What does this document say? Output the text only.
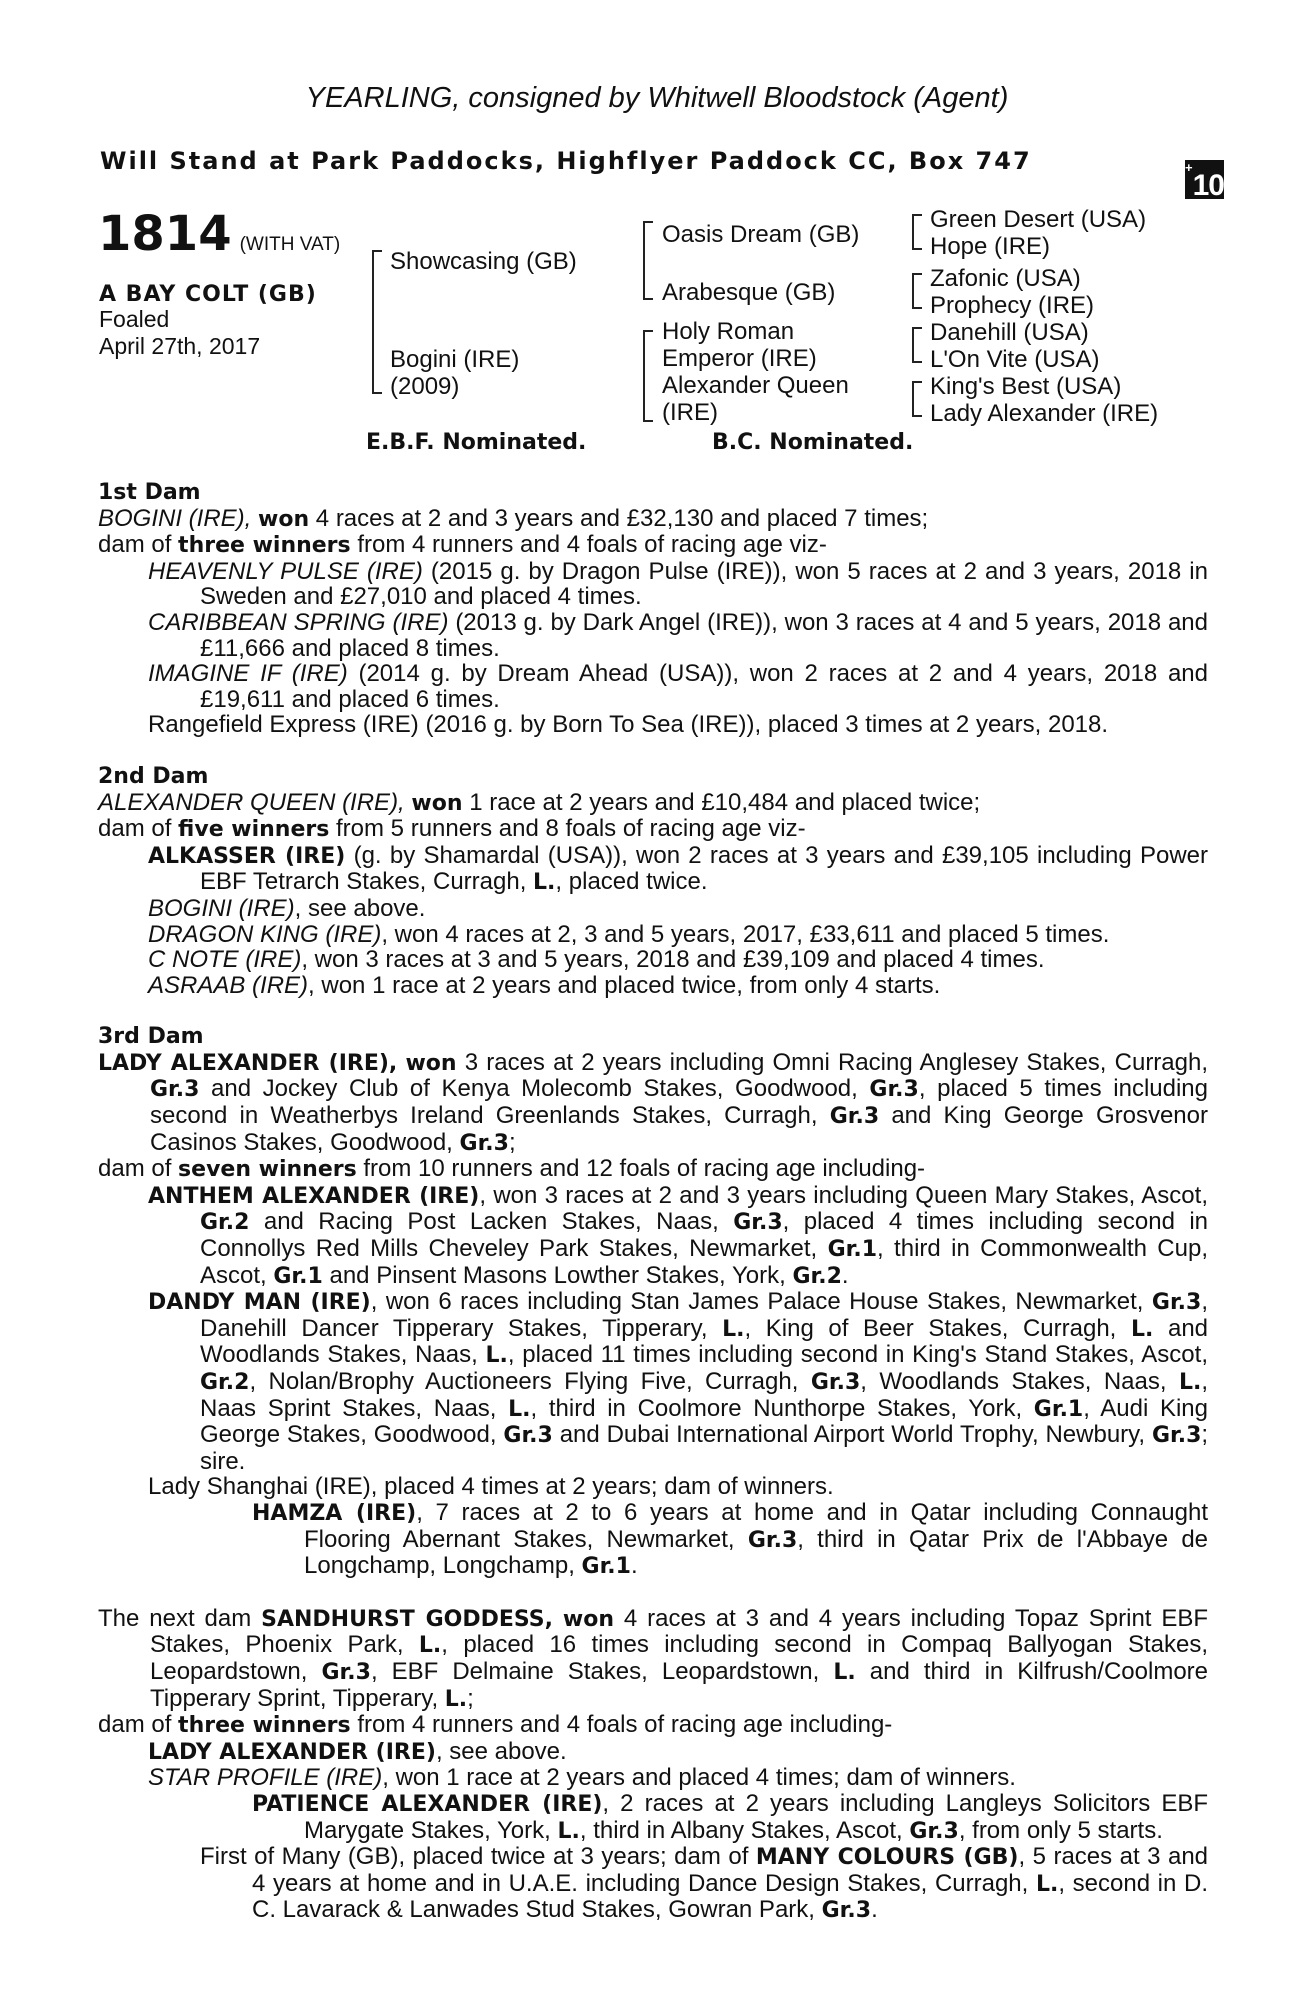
YEARLING, consigned by Whitwell Bloodstock (Agent)
Will Stand at Park Paddocks, Highflyer Paddock CC, Box 747	+10
1814 (WITH VAT)
A BAY COLT (GB)
Foaled
April 27th, 2017
Showcasing (GB)
Bogini (IRE)
(2009)
Oasis Dream (GB)
Arabesque (GB)
Holy Roman
Emperor (IRE)
Alexander Queen
(IRE)
Green Desert (USA)
Hope (IRE)
Zafonic (USA)
Prophecy (IRE)
Danehill (USA)
L'On Vite (USA)
King's Best (USA)
Lady Alexander (IRE)
E.B.F. Nominated.	B.C. Nominated.

1st Dam

BOGINI (IRE), won 4 races at 2 and 3 years and £32,130 and placed 7 times;

dam of three winners from 4 runners and 4 foals of racing age viz-

HEAVENLY PULSE (IRE) (2015 g. by Dragon Pulse (IRE)), won 5 races at 2 and 3 years, 2018 in Sweden and £27,010 and placed 4 times.

CARIBBEAN SPRING (IRE) (2013 g. by Dark Angel (IRE)), won 3 races at 4 and 5 years, 2018 and £11,666 and placed 8 times.

IMAGINE IF (IRE) (2014 g. by Dream Ahead (USA)), won 2 races at 2 and 4 years, 2018 and £19,611 and placed 6 times.

Rangefield Express (IRE) (2016 g. by Born To Sea (IRE)), placed 3 times at 2 years, 2018.

2nd Dam

ALEXANDER QUEEN (IRE), won 1 race at 2 years and £10,484 and placed twice;

dam of five winners from 5 runners and 8 foals of racing age viz-

ALKASSER (IRE) (g. by Shamardal (USA)), won 2 races at 3 years and £39,105 including Power EBF Tetrarch Stakes, Curragh, L., placed twice.

BOGINI (IRE), see above.

DRAGON KING (IRE), won 4 races at 2, 3 and 5 years, 2017, £33,611 and placed 5 times.

C NOTE (IRE), won 3 races at 3 and 5 years, 2018 and £39,109 and placed 4 times.

ASRAAB (IRE), won 1 race at 2 years and placed twice, from only 4 starts.

3rd Dam

LADY ALEXANDER (IRE), won 3 races at 2 years including Omni Racing Anglesey Stakes, Curragh, Gr.3 and Jockey Club of Kenya Molecomb Stakes, Goodwood, Gr.3, placed 5 times including second in Weatherbys Ireland Greenlands Stakes, Curragh, Gr.3 and King George Grosvenor Casinos Stakes, Goodwood, Gr.3;

dam of seven winners from 10 runners and 12 foals of racing age including-

ANTHEM ALEXANDER (IRE), won 3 races at 2 and 3 years including Queen Mary Stakes, Ascot, Gr.2 and Racing Post Lacken Stakes, Naas, Gr.3, placed 4 times including second in Connollys Red Mills Cheveley Park Stakes, Newmarket, Gr.1, third in Commonwealth Cup, Ascot, Gr.1 and Pinsent Masons Lowther Stakes, York, Gr.2.

DANDY MAN (IRE), won 6 races including Stan James Palace House Stakes, Newmarket, Gr.3, Danehill Dancer Tipperary Stakes, Tipperary, L., King of Beer Stakes, Curragh, L. and Woodlands Stakes, Naas, L., placed 11 times including second in King's Stand Stakes, Ascot, Gr.2, Nolan/Brophy Auctioneers Flying Five, Curragh, Gr.3, Woodlands Stakes, Naas, L., Naas Sprint Stakes, Naas, L., third in Coolmore Nunthorpe Stakes, York, Gr.1, Audi King George Stakes, Goodwood, Gr.3 and Dubai International Airport World Trophy, Newbury, Gr.3; sire.

Lady Shanghai (IRE), placed 4 times at 2 years; dam of winners.

HAMZA (IRE), 7 races at 2 to 6 years at home and in Qatar including Connaught Flooring Abernant Stakes, Newmarket, Gr.3, third in Qatar Prix de l'Abbaye de Longchamp, Longchamp, Gr.1.

The next dam SANDHURST GODDESS, won 4 races at 3 and 4 years including Topaz Sprint EBF Stakes, Phoenix Park, L., placed 16 times including second in Compaq Ballyogan Stakes, Leopardstown, Gr.3, EBF Delmaine Stakes, Leopardstown, L. and third in Kilfrush/Coolmore Tipperary Sprint, Tipperary, L.;

dam of three winners from 4 runners and 4 foals of racing age including-

LADY ALEXANDER (IRE), see above.

STAR PROFILE (IRE), won 1 race at 2 years and placed 4 times; dam of winners.

PATIENCE ALEXANDER (IRE), 2 races at 2 years including Langleys Solicitors EBF Marygate Stakes, York, L., third in Albany Stakes, Ascot, Gr.3, from only 5 starts.

First of Many (GB), placed twice at 3 years; dam of MANY COLOURS (GB), 5 races at 3 and 4 years at home and in U.A.E. including Dance Design Stakes, Curragh, L., second in D. C. Lavarack & Lanwades Stud Stakes, Gowran Park, Gr.3.
